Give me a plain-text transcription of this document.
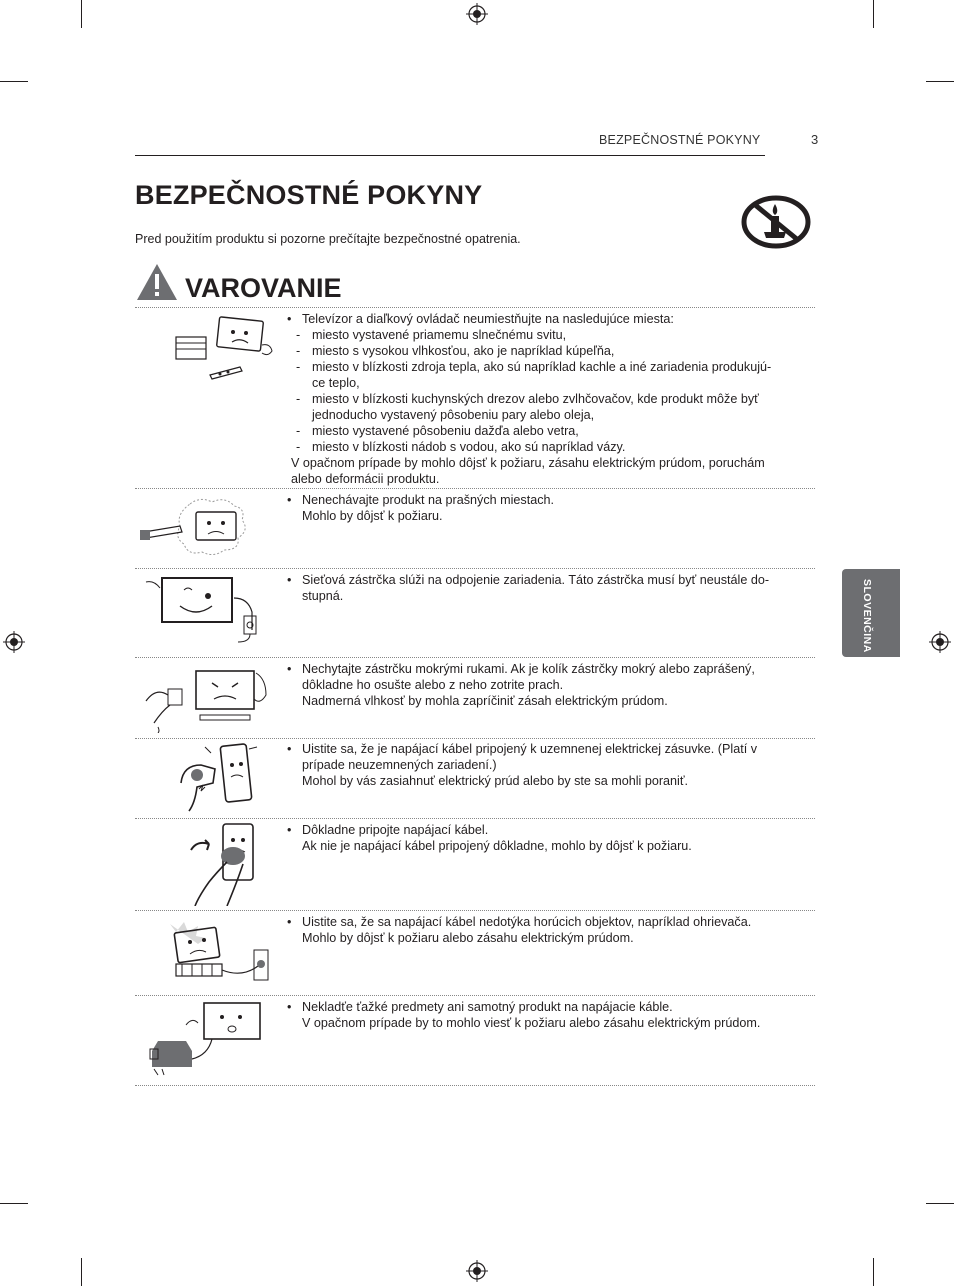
BEZPEČNOSTNÉ POKYNY	3
BEZPEČNOSTNÉ POKYNY
Pred použitím produktu si pozorne prečítajte bezpečnostné opatrenia.
VAROVANIE
SLOVENČINA
• Televízor a diaľkový ovládač neumiestňujte na nasledujúce miesta:
- miesto vystavené priamemu slnečnému svitu,
- miesto s vysokou vlhkosťou, ako je napríklad kúpeľňa,
- miesto v blízkosti zdroja tepla, ako sú napríklad kachle a iné zariadenia produkujú-
ce teplo,
- miesto v blízkosti kuchynských drezov alebo zvlhčovačov, kde produkt môže byť
jednoducho vystavený pôsobeniu pary alebo oleja,
- miesto vystavené pôsobeniu dažďa alebo vetra,
- miesto v blízkosti nádob s vodou, ako sú napríklad vázy.
V opačnom prípade by mohlo dôjsť k požiaru, zásahu elektrickým prúdom, poruchám
alebo deformácii produktu.
• Nenechávajte produkt na prašných miestach.
Mohlo by dôjsť k požiaru.
• Sieťová zástrčka slúži na odpojenie zariadenia. Táto zástrčka musí byť neustále do-
stupná.
• Nechytajte zástrčku mokrými rukami. Ak je kolík zástrčky mokrý alebo zaprášený,
dôkladne ho osušte alebo z neho zotrite prach.
Nadmerná vlhkosť by mohla zapríčiniť zásah elektrickým prúdom.
• Uistite sa, že je napájací kábel pripojený k uzemnenej elektrickej zásuvke. (Platí v
prípade neuzemnených zariadení.)
Mohol by vás zasiahnuť elektrický prúd alebo by ste sa mohli poraniť.
• Dôkladne pripojte napájací kábel.
Ak nie je napájací kábel pripojený dôkladne, mohlo by dôjsť k požiaru.
• Uistite sa, že sa napájací kábel nedotýka horúcich objektov, napríklad ohrievača.
Mohlo by dôjsť k požiaru alebo zásahu elektrickým prúdom.
• Nekladťe ťažké predmety ani samotný produkt na napájacie káble.
V opačnom prípade by to mohlo viesť k požiaru alebo zásahu elektrickým prúdom.
